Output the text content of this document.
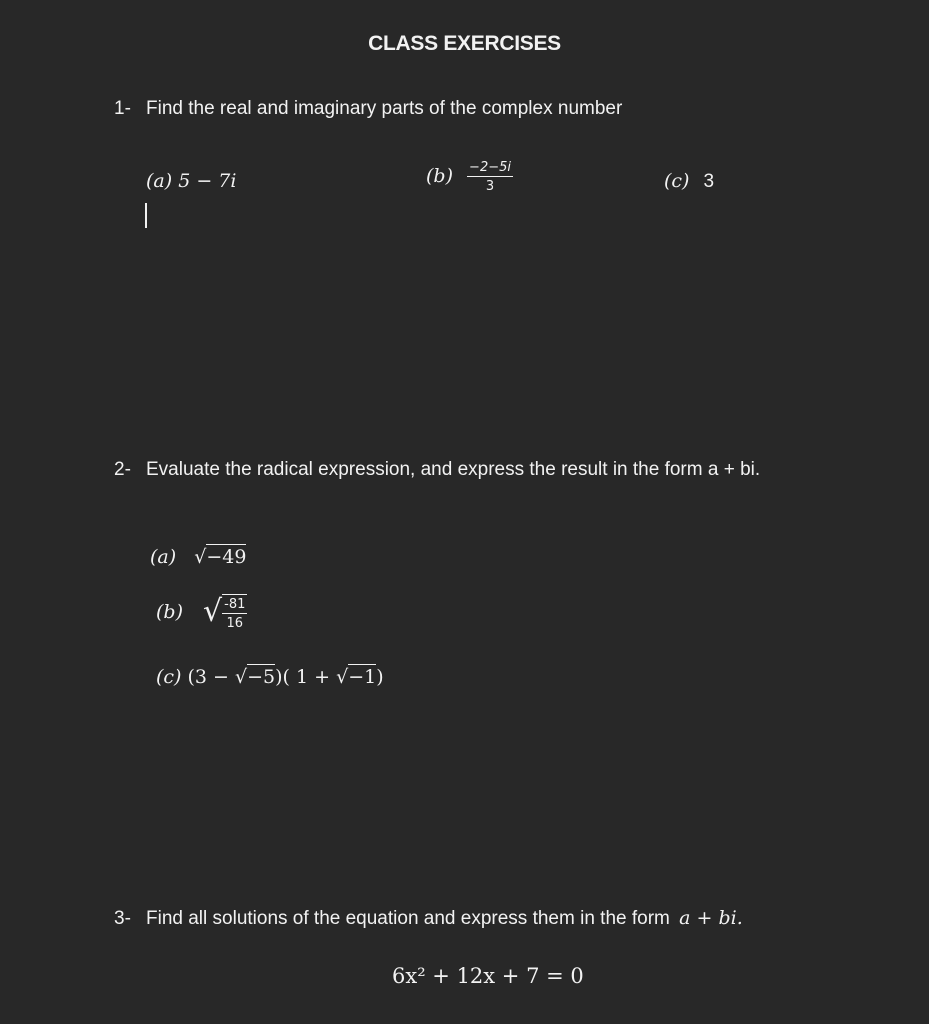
CLASS EXERCISES
1- Find the real and imaginary parts of the complex number
(a) 5 − 7i	$(b) \frac{-2-5i}{3}$	(c) 3
2- Evaluate the radical expression, and express the result in the form a + bi.
(a) √−49
(b) √ $\frac{-81}{16}$
(c) (3 − √−5)( 1 + √−1)
3- Find all solutions of the equation and express them in the form a + bi.
6x² + 12x + 7 = 0
